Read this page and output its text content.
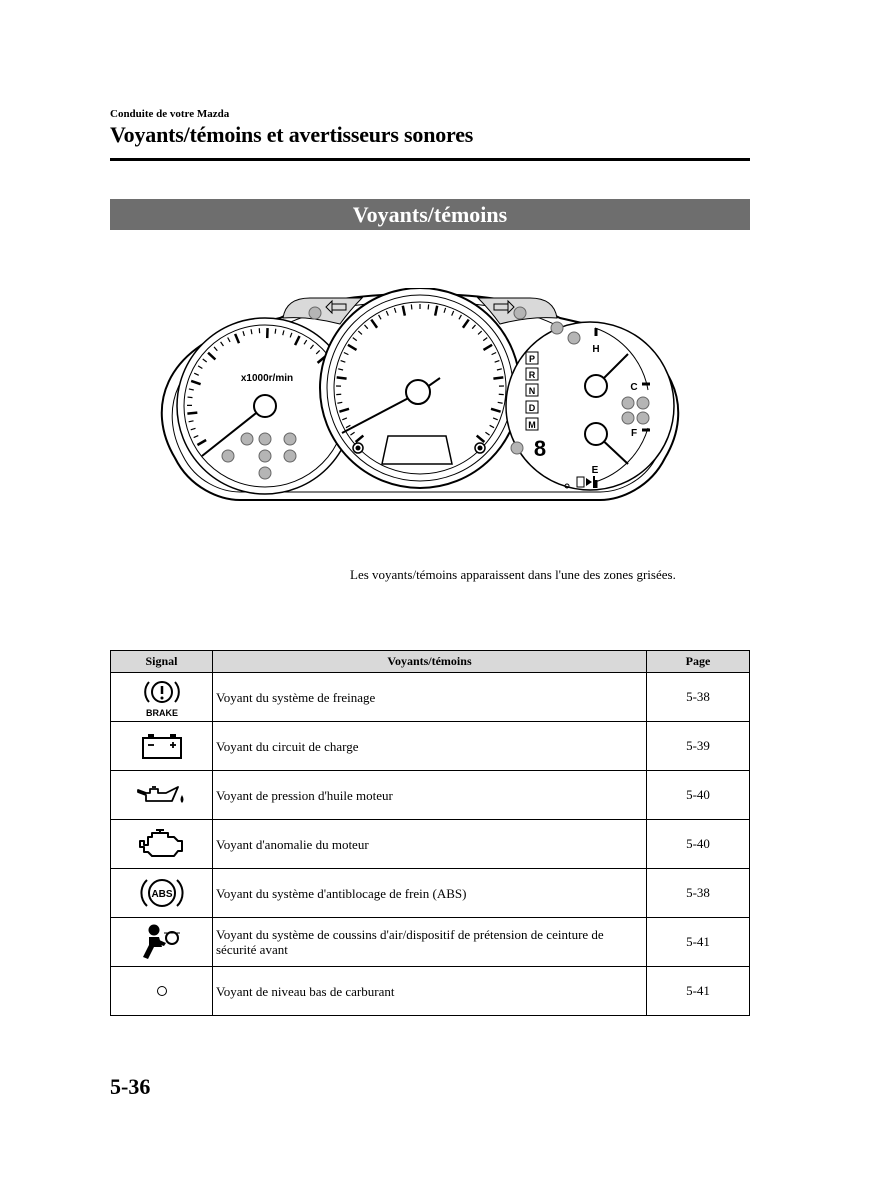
Conduite de votre Mazda
Voyants/témoins et avertisseurs sonores
Voyants/témoins
x1000r/min
H
C
F
E
P
R
N
D
M
8
Les voyants/témoins apparaissent dans l'une des zones grisées.
Signal	Voyants/témoins	Page

BRAKE	Voyant du système de freinage	5-38

	Voyant du circuit de charge	5-39

	Voyant de pression d'huile moteur	5-40

	Voyant d'anomalie du moteur	5-40

ABS	Voyant du système d'antiblocage de frein (ABS)	5-38

	Voyant du système de coussins d'air/dispositif de prétension de ceinture de sécurité avant	5-41

	Voyant de niveau bas de carburant	5-41
5-36
